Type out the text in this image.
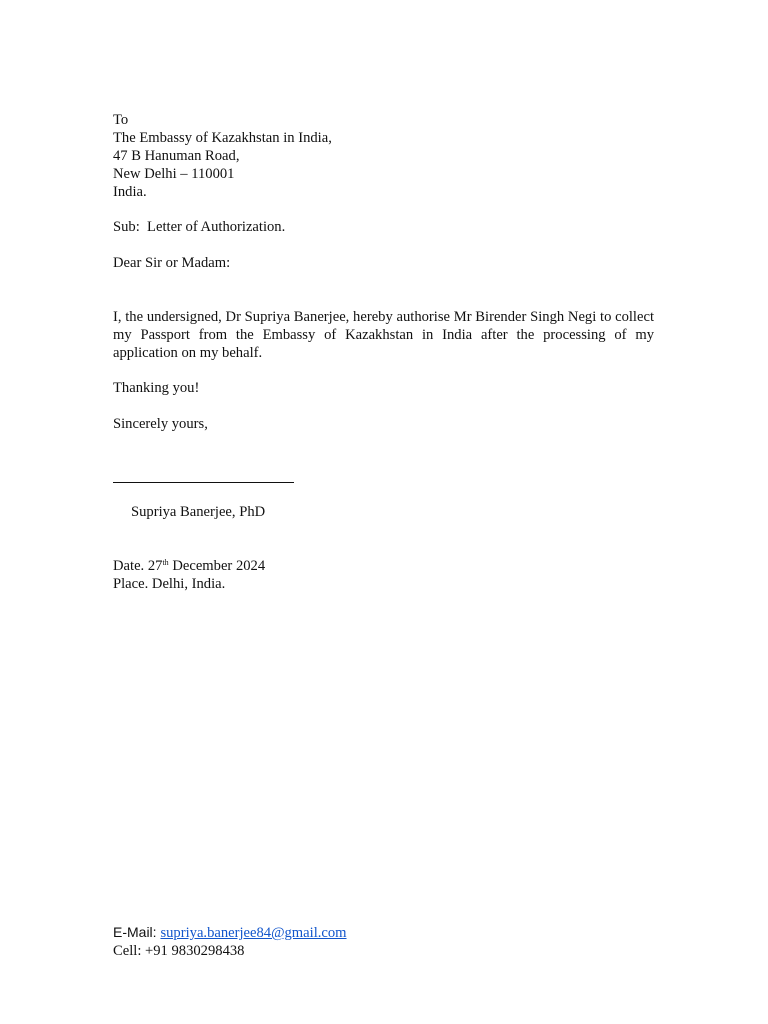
To
The Embassy of Kazakhstan in India,
47 B Hanuman Road,
New Delhi – 110001
India.
Sub:  Letter of Authorization.
Dear Sir or Madam:
I, the undersigned, Dr Supriya Banerjee, hereby authorise Mr Birender Singh Negi to collect my Passport from the Embassy of Kazakhstan in India after the processing of my application on my behalf.
Thanking you!
Sincerely yours,
Supriya Banerjee, PhD
Date. 27th December 2024
Place. Delhi, India.
E-Mail: supriya.banerjee84@gmail.com
Cell: +91 9830298438
